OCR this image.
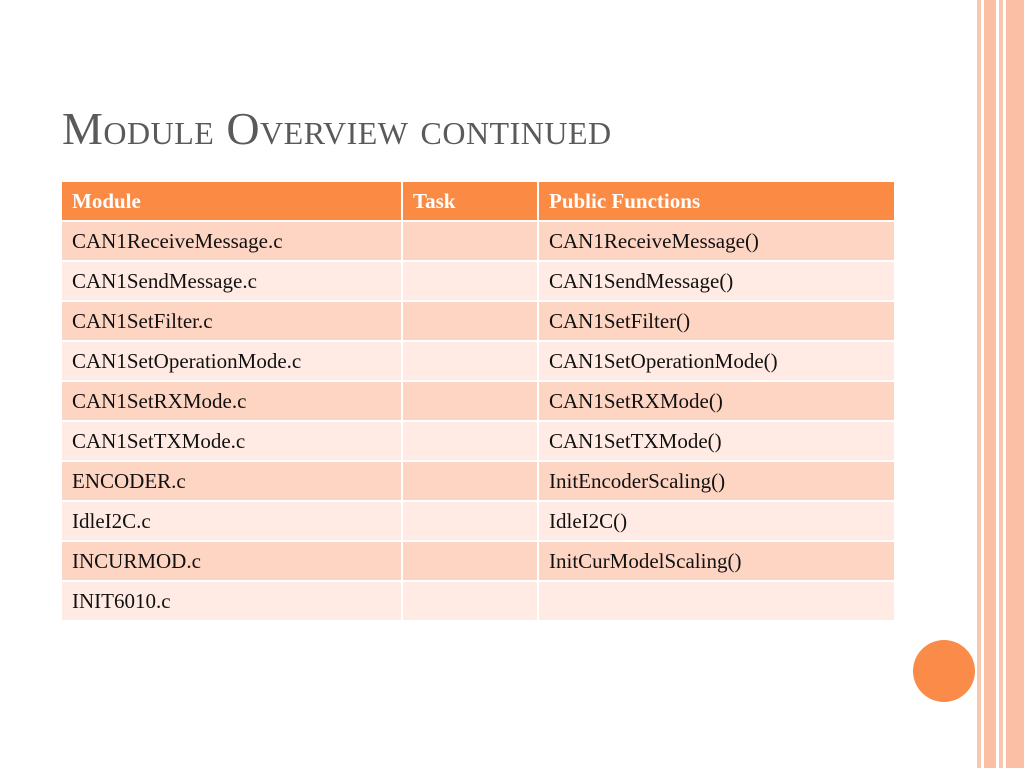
Module Overview continued
Module	Task	Public Functions
CAN1ReceiveMessage.c		CAN1ReceiveMessage()
CAN1SendMessage.c		CAN1SendMessage()
CAN1SetFilter.c		CAN1SetFilter()
CAN1SetOperationMode.c		CAN1SetOperationMode()
CAN1SetRXMode.c		CAN1SetRXMode()
CAN1SetTXMode.c		CAN1SetTXMode()
ENCODER.c		InitEncoderScaling()
IdleI2C.c		IdleI2C()
INCURMOD.c		InitCurModelScaling()
INIT6010.c		
